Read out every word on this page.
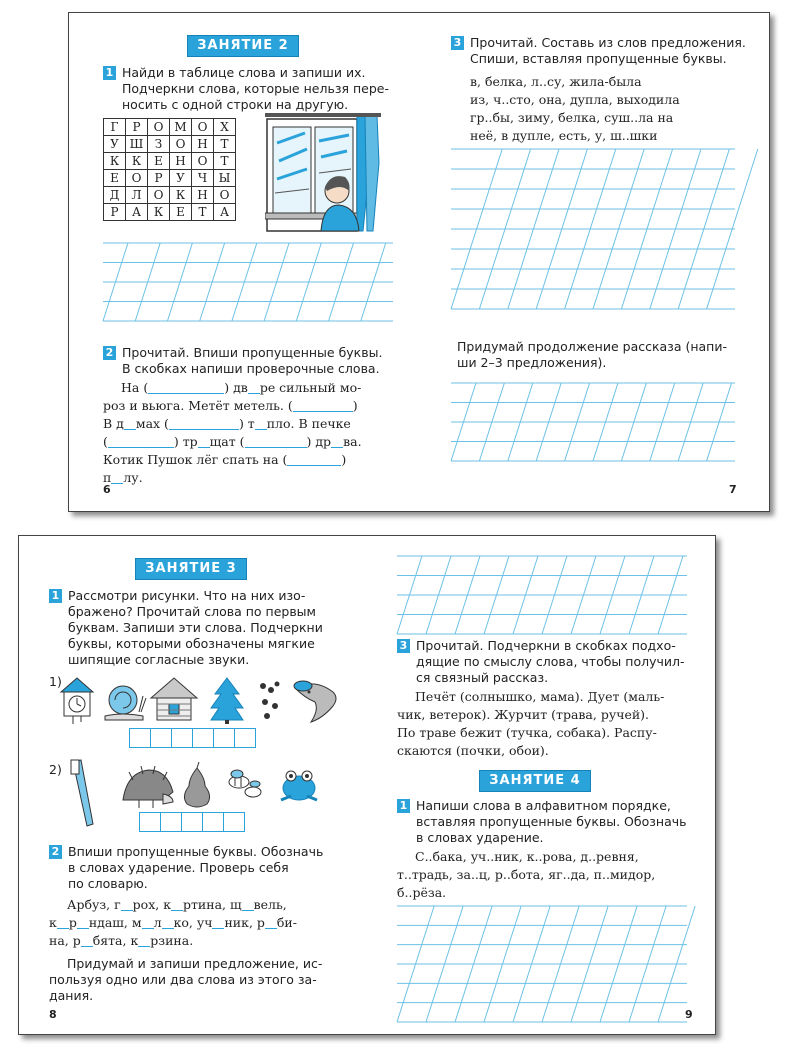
ЗАНЯТИЕ 2
1 Найди в таблице слова и запиши их.
Подчеркни слова, которые нельзя пере-
носить с одной строки на другую.
Г	Р	О	М	О	Х
У	Ш	З	О	Н	Т
К	К	Е	Н	О	Т
Е	О	Р	У	Ч	Ы
Д	Л	О	К	Н	О
Р	А	К	Е	Т	А
2 Прочитай. Впиши пропущенные буквы.
В скобках напиши проверочные слова.
На (	) дв ре сильный мо-
роз и вьюга. Метёт метель. (	)
В д мах (	) т пло. В печке
(	) тр щат (	) др ва.
Котик Пушок лёг спать на (	)
п лу.
6
3 Прочитай. Составь из слов предложения.
Спиши, вставляя пропущенные буквы.
в, белка, л..су, жила-была
из, ч..сто, она, дупла, выходила
гр..бы, зиму, белка, суш..ла на
неё, в дупле, есть, у, ш..шки
Придумай продолжение рассказа (напи-
ши 2–3 предложения).
7
ЗАНЯТИЕ 3
1 Рассмотри рисунки. Что на них изо-
бражено? Прочитай слова по первым
буквам. Запиши эти слова. Подчеркни
буквы, которыми обозначены мягкие
шипящие согласные звуки.
1)
2)
2 Впиши пропущенные буквы. Обозначь
в словах ударение. Проверь себя
по словарю.
Арбуз, г рох, к ртина, щ вель,
к р ндаш, м л ко, уч ник, р би-
на, р бята, к рзина.
Придумай и запиши предложение, ис-
пользуя одно или два слова из этого за-
дания.
8
3 Прочитай. Подчеркни в скобках подхо-
дящие по смыслу слова, чтобы получил-
ся связный рассказ.
Печёт (солнышко, мама). Дует (маль-
чик, ветерок). Журчит (трава, ручей).
По траве бежит (тучка, собака). Распу-
скаются (почки, обои).
ЗАНЯТИЕ 4
1 Напиши слова в алфавитном порядке,
вставляя пропущенные буквы. Обозначь
в словах ударение.
С..бака, уч..ник, к..рова, д..ревня,
т..традь, за..ц, р..бота, яг..да, п..мидор,
б..рёза.
9
